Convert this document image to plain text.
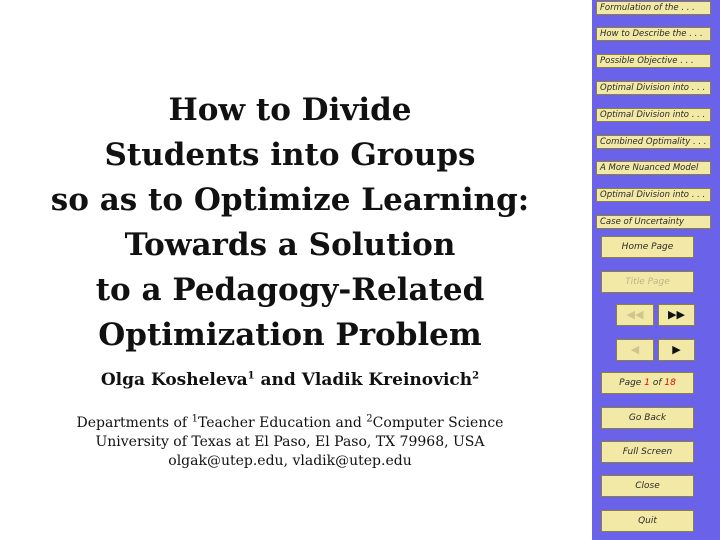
How to Divide
Students into Groups
so as to Optimize Learning:
Towards a Solution
to a Pedagogy-Related
Optimization Problem
Olga Kosheleva$^1$ and Vladik Kreinovich$^2$
Departments of $^1$Teacher Education and $^2$Computer Science
University of Texas at El Paso, El Paso, TX 79968, USA
olgak@utep.edu, vladik@utep.edu
Formulation of the . . .
How to Describe the . . .
Possible Objective . . .
Optimal Division into . . .
Optimal Division into . . .
Combined Optimality . . .
A More Nuanced Model
Optimal Division into . . .
Case of Uncertainty
Home Page
Title Page
◀◀	▶▶
◀	▶
Page 1 of 18
Go Back
Full Screen
Close
Quit
